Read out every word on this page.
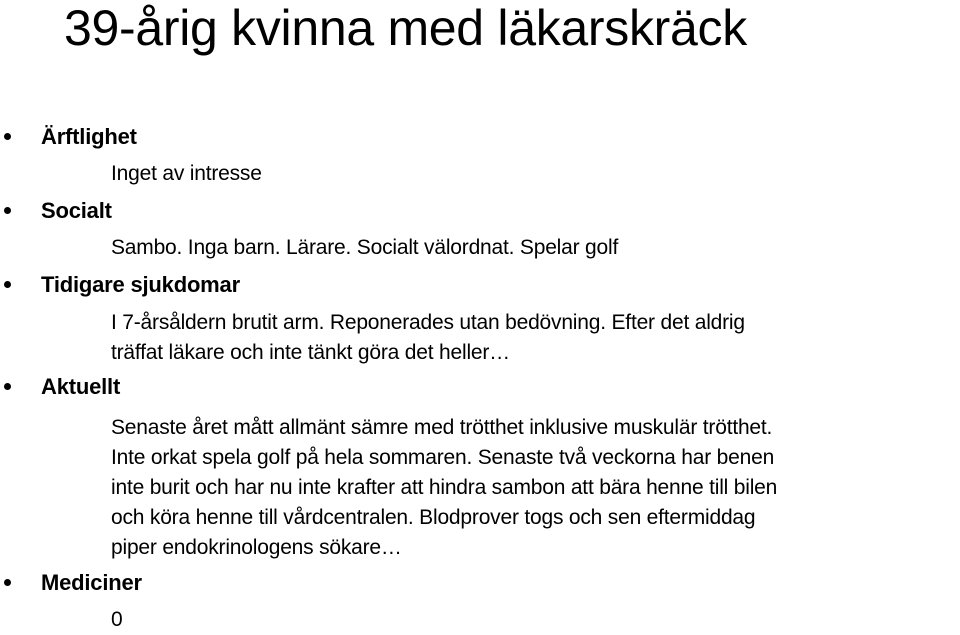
39-årig kvinna med läkarskräck
Ärftlighet
Inget av intresse
Socialt
Sambo. Inga barn. Lärare. Socialt välordnat. Spelar golf
Tidigare sjukdomar
I 7-årsåldern brutit arm. Reponerades utan bedövning. Efter det aldrig
träffat läkare och inte tänkt göra det heller…
Aktuellt
Senaste året mått allmänt sämre med trötthet inklusive muskulär trötthet.
Inte orkat spela golf på hela sommaren. Senaste två veckorna har benen
inte burit och har nu inte krafter att hindra sambon att bära henne till bilen
och köra henne till vårdcentralen. Blodprover togs och sen eftermiddag
piper endokrinologens sökare…
Mediciner
0
